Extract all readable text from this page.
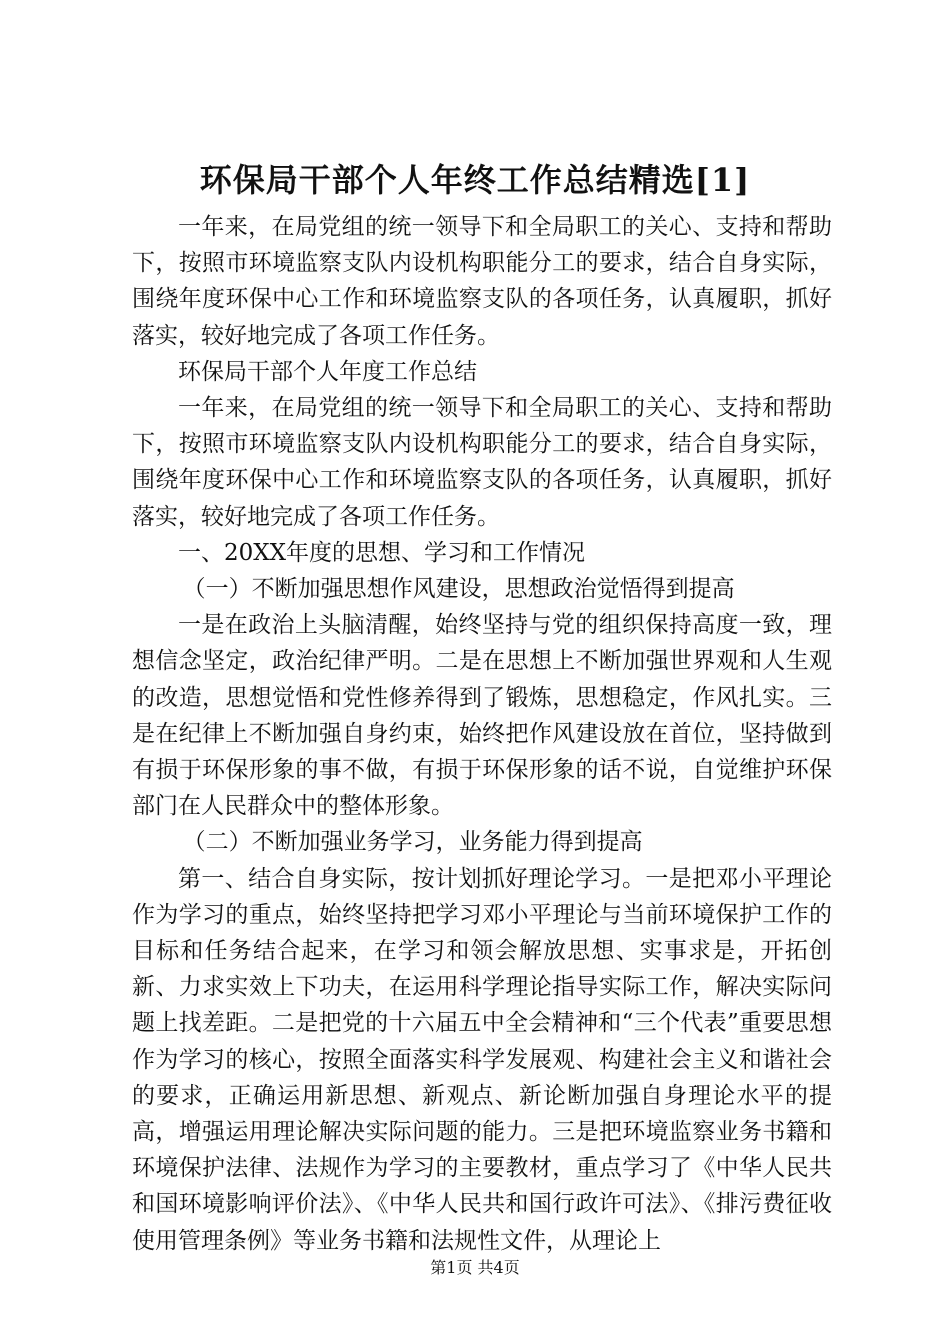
环保局干部个人年终工作总结精选[1]

一年来，在局党组的统一领导下和全局职工的关心、支持和帮助下，按照市环境监察支队内设机构职能分工的要求，结合自身实际，围绕年度环保中心工作和环境监察支队的各项任务，认真履职，抓好落实，较好地完成了各项工作任务。

环保局干部个人年度工作总结

一年来，在局党组的统一领导下和全局职工的关心、支持和帮助下，按照市环境监察支队内设机构职能分工的要求，结合自身实际，围绕年度环保中心工作和环境监察支队的各项任务，认真履职，抓好落实，较好地完成了各项工作任务。

一、20XX年度的思想、学习和工作情况

（一）不断加强思想作风建设，思想政治觉悟得到提高

一是在政治上头脑清醒，始终坚持与党的组织保持高度一致，理想信念坚定，政治纪律严明。二是在思想上不断加强世界观和人生观的改造，思想觉悟和党性修养得到了锻炼，思想稳定，作风扎实。三是在纪律上不断加强自身约束，始终把作风建设放在首位，坚持做到有损于环保形象的事不做，有损于环保形象的话不说，自觉维护环保部门在人民群众中的整体形象。

（二）不断加强业务学习，业务能力得到提高

第一、结合自身实际，按计划抓好理论学习。一是把邓小平理论作为学习的重点，始终坚持把学习邓小平理论与当前环境保护工作的目标和任务结合起来，在学习和领会解放思想、实事求是，开拓创新、力求实效上下功夫，在运用科学理论指导实际工作，解决实际问题上找差距。二是把党的十六届五中全会精神和“三个代表”重要思想作为学习的核心，按照全面落实科学发展观、构建社会主义和谐社会的要求，正确运用新思想、新观点、新论断加强自身理论水平的提高，增强运用理论解决实际问题的能力。三是把环境监察业务书籍和环境保护法律、法规作为学习的主要教材，重点学习了《中华人民共和国环境影响评价法》、《中华人民共和国行政许可法》、《排污费征收使用管理条例》等业务书籍和法规性文件，从理论上

第1页 共4页
